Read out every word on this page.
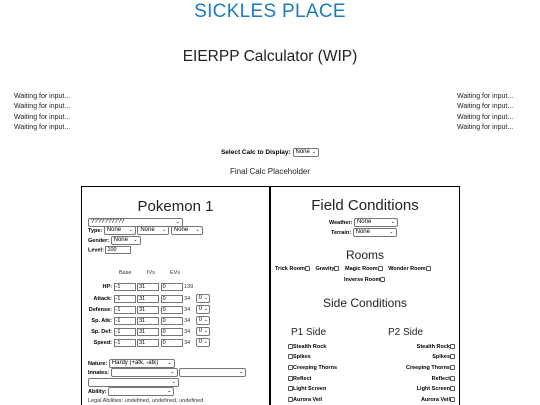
SICKLES PLACE
EIERPP Calculator (WIP)
Waiting for input...
Waiting for input...
Waiting for input...
Waiting for input...
Waiting for input...
Waiting for input...
Waiting for input...
Waiting for input...
Select Calc to Display: None ⌄
Final Calc Placeholder
Pokemon 1
??????????	⌄
Type: None ⌄ None ⌄ None ⌄
Gender: None ⌄
Level: 100
Base	IVs	EVs
HP: -1	31	0	139
Attack: -1	31	0	34 0 ⌄
Defense: -1	31	0	34 0 ⌄
Sp. Atk: -1	31	0	34 0 ⌄
Sp. Def: -1	31	0	34 0 ⌄
Speed: -1	31	0	34 0 ⌄
Nature: Hardy (+atk, -atk) ⌄
Innates:	⌄
	⌄
⌄
Ability:	⌄
Legal Abilities: undefined, undefined, undefined
Field Conditions
Weather: None	⌄
Terrain: None	⌄
Rooms
Trick Room Gravity Magic Room Wonder Room
Inverse Room
Side Conditions
P1 Side	P2 Side
Stealth Rock	Stealth Rock
Spikes	Spikes
Creeping Thorns	Creeping Thorns
Reflect	Reflect
Light Screen	Light Screen
Aurora Veil	Aurora Veil
